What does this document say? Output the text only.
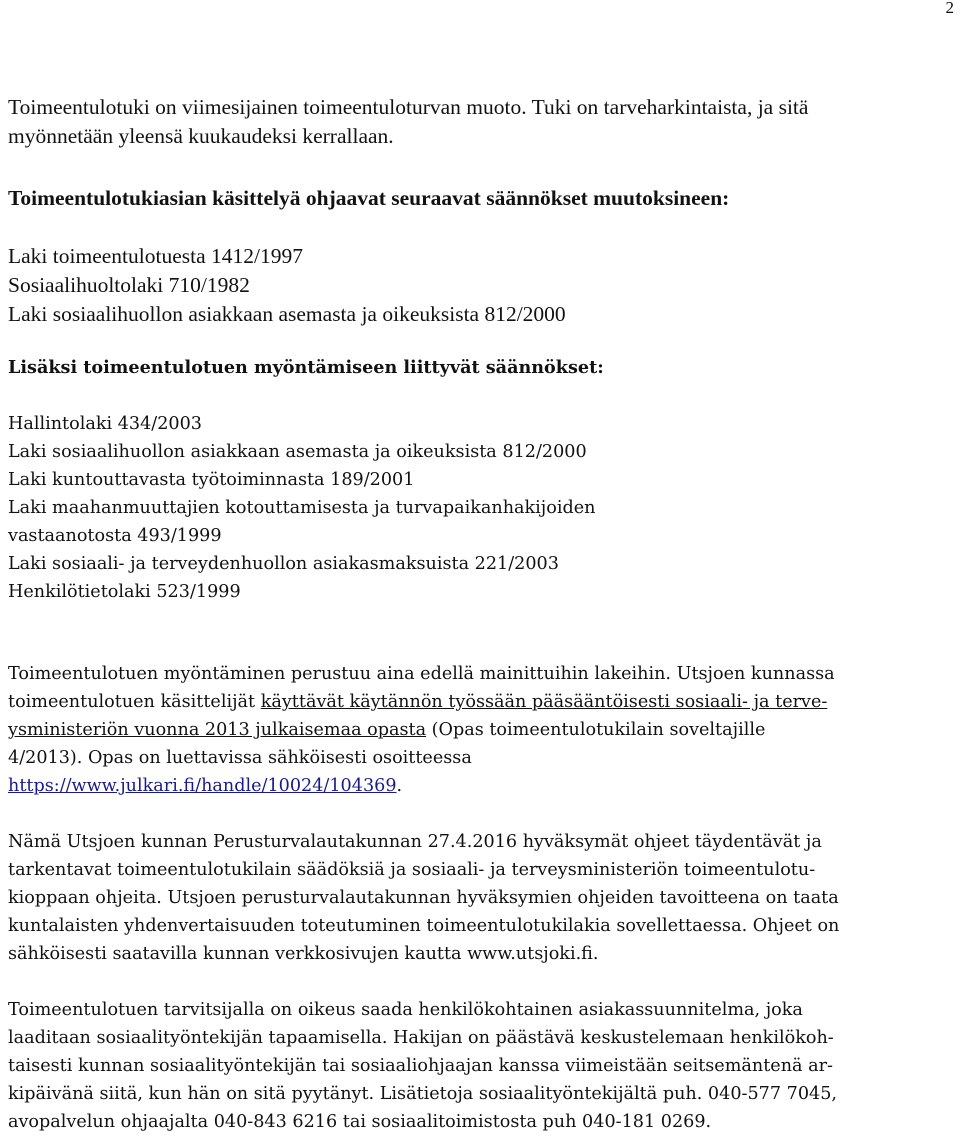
2

Toimeentulotuki on viimesijainen toimeentuloturvan muoto. Tuki on tarveharkintaista, ja sitä

myönnetään yleensä kuukaudeksi kerrallaan.

Toimeentulotukiasian käsittelyä ohjaavat seuraavat säännökset muutoksineen:

Laki toimeentulotuesta 1412/1997
Sosiaalihuoltolaki 710/1982
Laki sosiaalihuollon asiakkaan asemasta ja oikeuksista 812/2000

Lisäksi toimeentulotuen myöntämiseen liittyvät säännökset:

Hallintolaki 434/2003
Laki sosiaalihuollon asiakkaan asemasta ja oikeuksista 812/2000
Laki kuntouttavasta työtoiminnasta 189/2001
Laki maahanmuuttajien kotouttamisesta ja turvapaikanhakijoiden
vastaanotosta 493/1999
Laki sosiaali- ja terveydenhuollon asiakasmaksuista 221/2003
Henkilötietolaki 523/1999

Toimeentulotuen myöntäminen perustuu aina edellä mainittuihin lakeihin. Utsjoen kunnassa

toimeentulotuen käsittelijät käyttävät käytännön työssään pääsääntöisesti sosiaali- ja terve-

ysministeriön vuonna 2013 julkaisemaa opasta (Opas toimeentulotukilain soveltajille

4/2013). Opas on luettavissa sähköisesti osoitteessa

https://www.julkari.fi/handle/10024/104369.

Nämä Utsjoen kunnan Perusturvalautakunnan 27.4.2016 hyväksymät ohjeet täydentävät ja

tarkentavat toimeentulotukilain säädöksiä ja sosiaali- ja terveysministeriön toimeentulotu-

kioppaan ohjeita. Utsjoen perusturvalautakunnan hyväksymien ohjeiden tavoitteena on taata

kuntalaisten yhdenvertaisuuden toteutuminen toimeentulotukilakia sovellettaessa. Ohjeet on

sähköisesti saatavilla kunnan verkkosivujen kautta www.utsjoki.fi.

Toimeentulotuen tarvitsijalla on oikeus saada henkilökohtainen asiakassuunnitelma, joka

laaditaan sosiaalityöntekijän tapaamisella. Hakijan on päästävä keskustelemaan henkilökoh-

taisesti kunnan sosiaalityöntekijän tai sosiaaliohjaajan kanssa viimeistään seitsemäntenä ar-

kipäivänä siitä, kun hän on sitä pyytänyt. Lisätietoja sosiaalityöntekijältä puh. 040-577 7045,

avopalvelun ohjaajalta 040-843 6216 tai sosiaalitoimistosta puh 040-181 0269.
